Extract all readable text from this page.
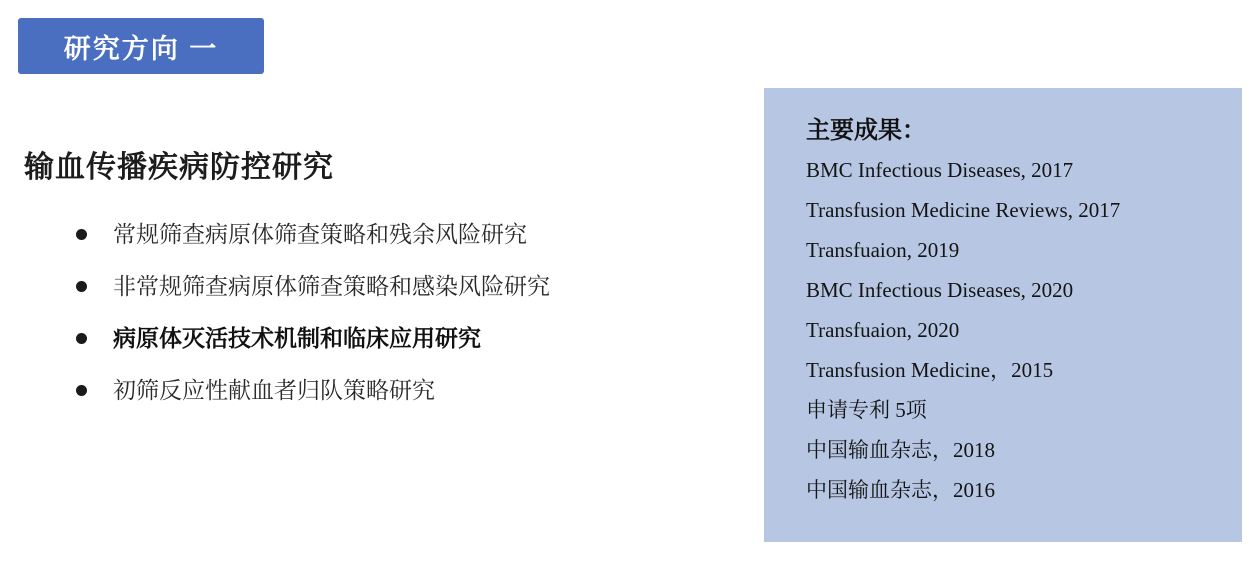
研究方向 一
输血传播疾病防控研究
常规筛查病原体筛查策略和残余风险研究
非常规筛查病原体筛查策略和感染风险研究
病原体灭活技术机制和临床应用研究
初筛反应性献血者归队策略研究
主要成果：
BMC Infectious Diseases, 2017
Transfusion Medicine Reviews, 2017
Transfuaion, 2019
BMC Infectious Diseases, 2020
Transfuaion, 2020
Transfusion Medicine，2015
申请专利 5项
中国输血杂志，2018
中国输血杂志，2016
